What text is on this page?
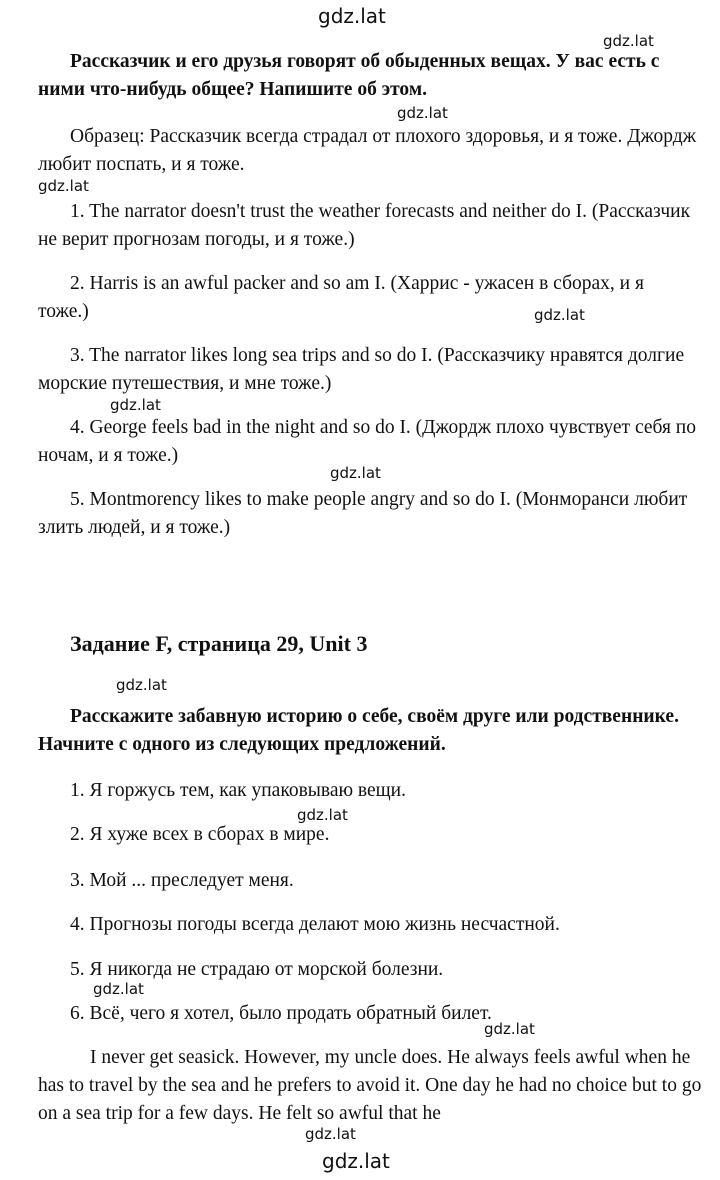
gdz.lat
gdz.lat
gdz.lat
gdz.lat
gdz.lat
gdz.lat
gdz.lat
gdz.lat
gdz.lat
gdz.lat
gdz.lat
gdz.lat
gdz.lat

Рассказчик и его друзья говорят об обыденных вещах. У вас есть с ними что-нибудь общее? Напишите об этом.

Образец: Рассказчик всегда страдал от плохого здоровья, и я тоже. Джордж любит поспать, и я тоже.

1. The narrator doesn't trust the weather forecasts and neither do I. (Рассказчик не верит прогнозам погоды, и я тоже.)

2. Harris is an awful packer and so am I. (Харрис - ужасен в сборах, и я тоже.)

3. The narrator likes long sea trips and so do I. (Рассказчику нравятся долгие морские путешествия, и мне тоже.)

4. George feels bad in the night and so do I. (Джордж плохо чувствует себя по ночам, и я тоже.)

5. Montmorency likes to make people angry and so do I. (Монморанси любит злить людей, и я тоже.)

Задание F, страница 29, Unit 3

Расскажите забавную историю о себе, своём друге или родственнике. Начните с одного из следующих предложений.

1. Я горжусь тем, как упаковываю вещи.
2. Я хуже всех в сборах в мире.
3. Мой ... преследует меня.
4. Прогнозы погоды всегда делают мою жизнь несчастной.
5. Я никогда не страдаю от морской болезни.
6. Всё, чего я хотел, было продать обратный билет.

I never get seasick. However, my uncle does. He always feels awful when he has to travel by the sea and he prefers to avoid it. One day he had no choice but to go on a sea trip for a few days. He felt so awful that he
